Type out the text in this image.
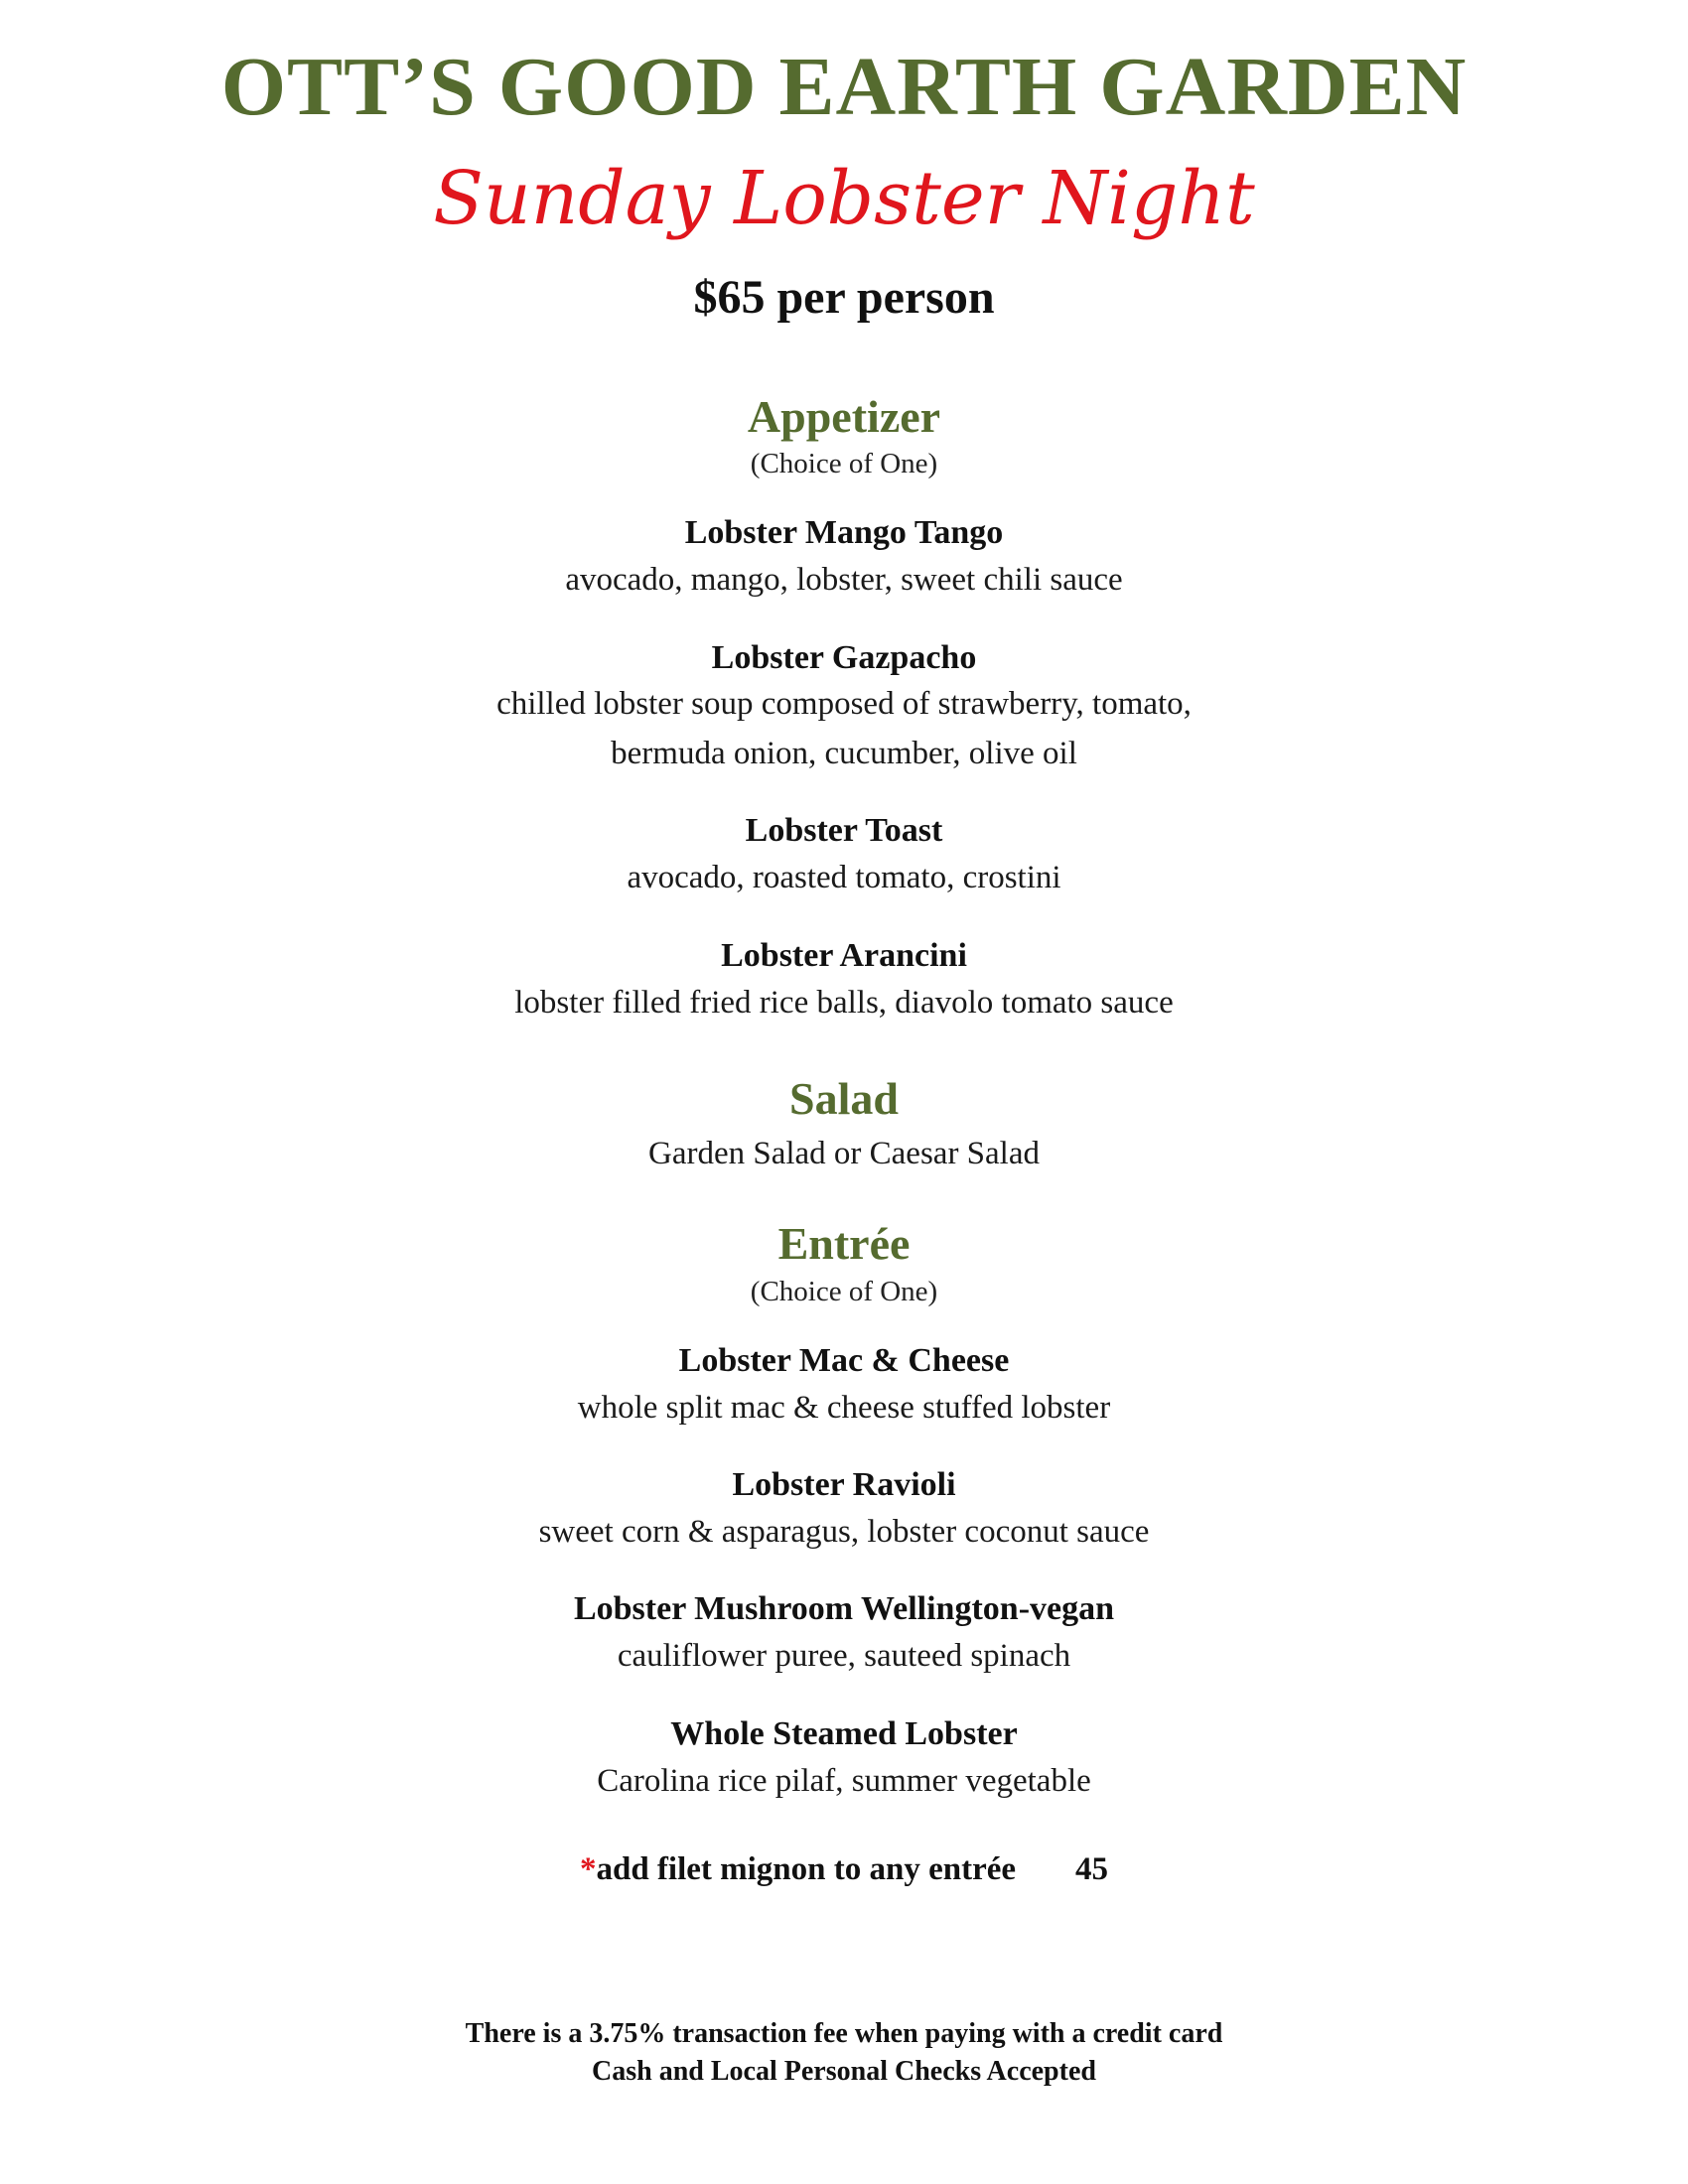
OTT’S GOOD EARTH GARDEN
Sunday Lobster Night
$65 per person
Appetizer
(Choice of One)
Lobster Mango Tango
avocado, mango, lobster, sweet chili sauce
Lobster Gazpacho
chilled lobster soup composed of strawberry, tomato,
bermuda onion, cucumber, olive oil
Lobster Toast
avocado, roasted tomato, crostini
Lobster Arancini
lobster filled fried rice balls, diavolo tomato sauce
Salad
Garden Salad or Caesar Salad
Entrée
(Choice of One)
Lobster Mac & Cheese
whole split mac & cheese stuffed lobster
Lobster Ravioli
sweet corn & asparagus, lobster coconut sauce
Lobster Mushroom Wellington-vegan
cauliflower puree, sauteed spinach
Whole Steamed Lobster
Carolina rice pilaf, summer vegetable
*add filet mignon to any entrée 45
There is a 3.75% transaction fee when paying with a credit card
Cash and Local Personal Checks Accepted
